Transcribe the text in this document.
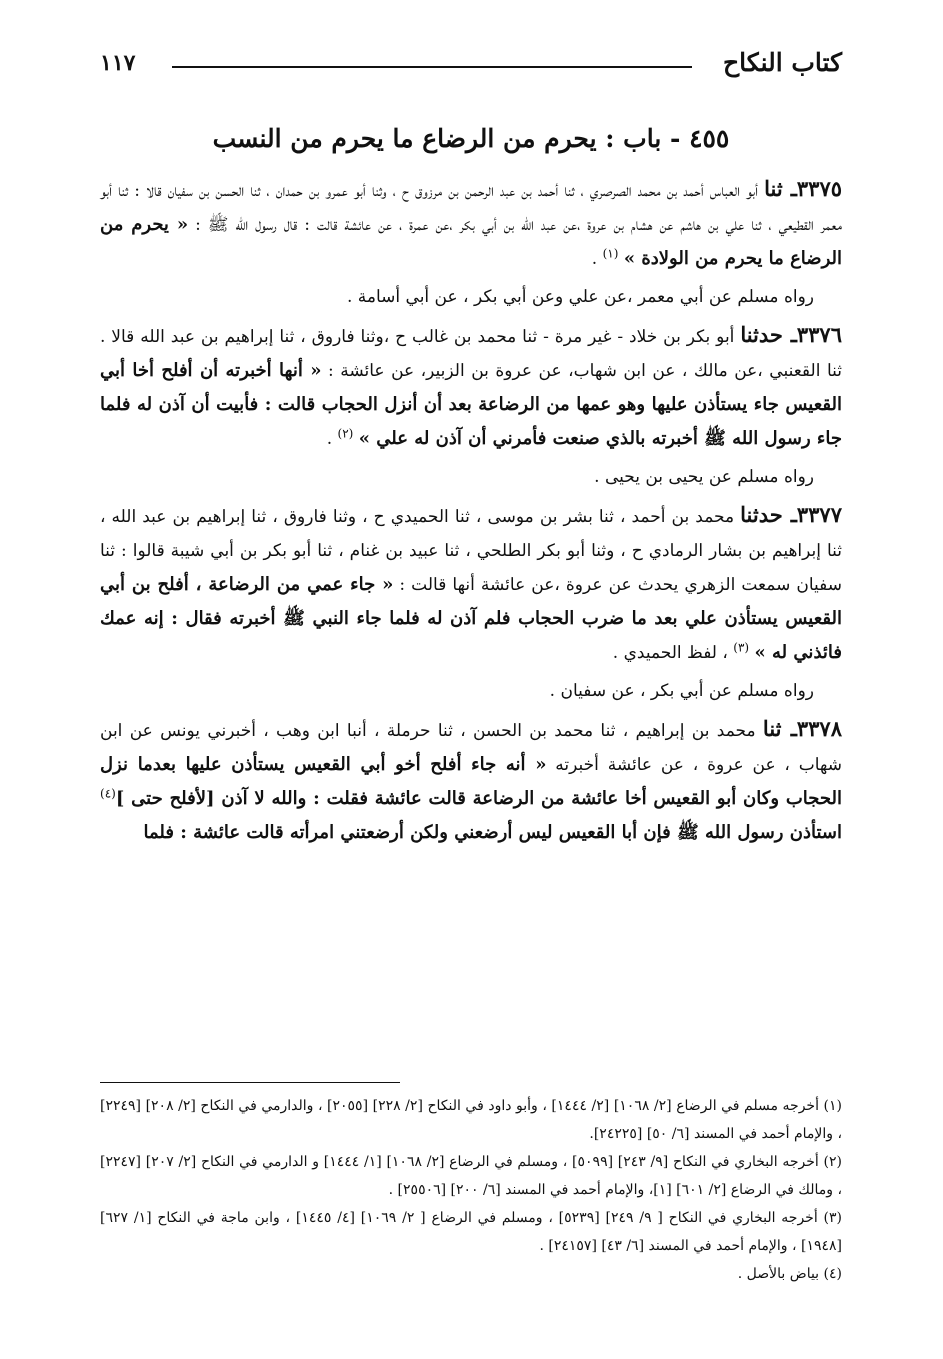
كتاب النكاح
١١٧
٤٥٥ - باب : يحرم من الرضاع ما يحرم من النسب

٣٣٧٥ـ ثنا أبو العباس أحمد بن محمد الصرصري ، ثنا أحمد بن عبد الرحمن بن مرزوق ح ، وثنا أبو عمرو بن حمدان ، ثنا الحسن بن سفيان قالا : ثنا أبو معمر القطيعي ، ثنا علي بن هاشم عن هشام بن عروة ،عن عبد الله بن أبي بكر ،عن عمرة ، عن عائشة قالت : قال رسول الله ﷺ : « يحرم من الرضاع ما يحرم من الولادة » $^{(١)}$ .

رواه مسلم عن أبي معمر ،عن علي وعن أبي بكر ، عن أبي أسامة .

٣٣٧٦ـ حدثنا أبو بكر بن خلاد - غير مرة - ثنا محمد بن غالب ح ،وثنا فاروق ، ثنا إبراهيم بن عبد الله قالا . ثنا القعنبي ،عن مالك ، عن ابن شهاب، عن عروة بن الزبير، عن عائشة : « أنها أخبرته أن أفلح أخا أبي القعيس جاء يستأذن عليها وهو عمها من الرضاعة بعد أن أنزل الحجاب قالت : فأبيت أن آذن له فلما جاء رسول الله ﷺ أخبرته بالذي صنعت فأمرني أن آذن له علي » $^{(٢)}$ .

رواه مسلم عن يحيى بن يحيى .

٣٣٧٧ـ حدثنا محمد بن أحمد ، ثنا بشر بن موسى ، ثنا الحميدي ح ، وثنا فاروق ، ثنا إبراهيم بن عبد الله ، ثنا إبراهيم بن بشار الرمادي ح ، وثنا أبو بكر الطلحي ، ثنا عبيد بن غنام ، ثنا أبو بكر بن أبي شيبة قالوا : ثنا سفيان سمعت الزهري يحدث عن عروة ،عن عائشة أنها قالت : « جاء عمي من الرضاعة ، أفلح بن أبي القعيس يستأذن علي بعد ما ضرب الحجاب فلم آذن له فلما جاء النبي ﷺ أخبرته فقال : إنه عمك فائذني له » $^{(٣)}$ ، لفظ الحميدي .

رواه مسلم عن أبي بكر ، عن سفيان .

٣٣٧٨ـ ثنا محمد بن إبراهيم ، ثنا محمد بن الحسن ، ثنا حرملة ، أنبا ابن وهب ، أخبرني يونس عن ابن شهاب ، عن عروة ، عن عائشة أخبرته « أنه جاء أفلح أخو أبي القعيس يستأذن عليها بعدما نزل الحجاب وكان أبو القعيس أخا عائشة من الرضاعة قالت عائشة فقلت : والله لا آذن [لأفلح حتى ]$^{(٤)}$ استأذن رسول الله ﷺ فإن أبا القعيس ليس أرضعني ولكن أرضعتني امرأته قالت عائشة : فلما

(١) أخرجه مسلم في الرضاع [٢/ ١٠٦٨] [٢/ ١٤٤٤] ، وأبو داود في النكاح [٢/ ٢٢٨] [٢٠٥٥] ، والدارمي في النكاح [٢/ ٢٠٨] [٢٢٤٩] ، والإمام أحمد في المسند [٦/ ٥٠] [٢٤٢٢٥].

(٢) أخرجه البخاري في النكاح [٩/ ٢٤٣] [٥٠٩٩] ، ومسلم في الرضاع [٢/ ١٠٦٨] [١/ ١٤٤٤] و الدارمي في النكاح [٢/ ٢٠٧] [٢٢٤٧] ، ومالك في الرضاع [٢/ ٦٠١] [١]، والإمام أحمد في المسند [٦/ ٢٠٠] [٢٥٥٠٦] .

(٣) أخرجه البخاري في النكاح [ ٩/ ٢٤٩] [٥٢٣٩] ، ومسلم في الرضاع [ ٢/ ١٠٦٩] [٤/ ١٤٤٥] ، وابن ماجة في النكاح [١/ ٦٢٧] [١٩٤٨] ، والإمام أحمد في المسند [٦/ ٤٣] [٢٤١٥٧] .

(٤) بياض بالأصل .
